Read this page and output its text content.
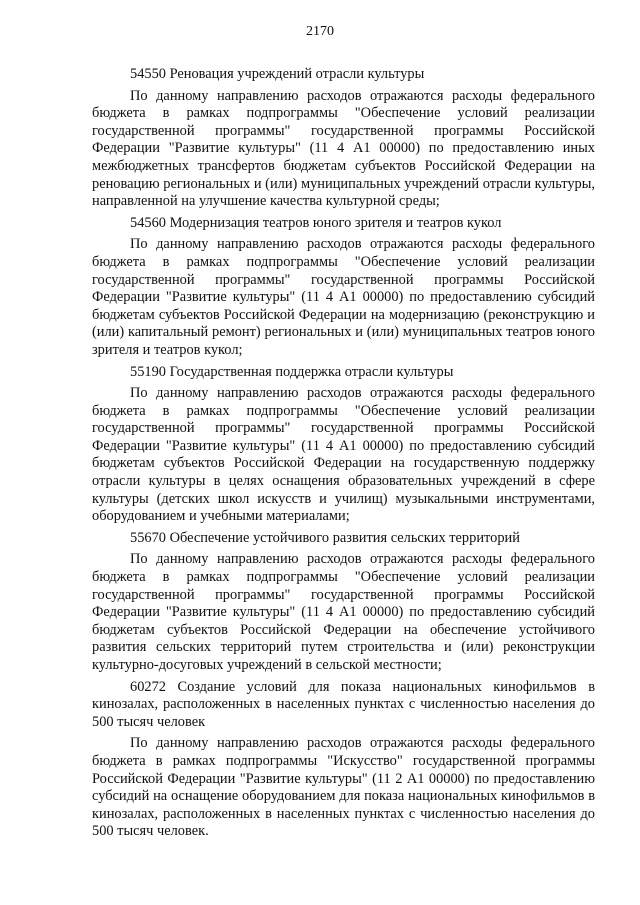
2170
54550 Реновация учреждений отрасли культуры
По данному направлению расходов отражаются расходы федерального бюджета в рамках подпрограммы "Обеспечение условий реализации государственной программы" государственной программы Российской Федерации "Развитие культуры" (11 4 А1 00000) по предоставлению иных межбюджетных трансфертов бюджетам субъектов Российской Федерации на реновацию региональных и (или) муниципальных учреждений отрасли культуры, направленной на улучшение качества культурной среды;
54560 Модернизация театров юного зрителя и театров кукол
По данному направлению расходов отражаются расходы федерального бюджета в рамках подпрограммы "Обеспечение условий реализации государственной программы" государственной программы Российской Федерации "Развитие культуры" (11 4 А1 00000) по предоставлению субсидий бюджетам субъектов Российской Федерации на модернизацию (реконструкцию и (или) капитальный ремонт) региональных и (или) муниципальных театров юного зрителя и театров кукол;
55190 Государственная поддержка отрасли культуры
По данному направлению расходов отражаются расходы федерального бюджета в рамках подпрограммы "Обеспечение условий реализации государственной программы" государственной программы Российской Федерации "Развитие культуры" (11 4 А1 00000) по предоставлению субсидий бюджетам субъектов Российской Федерации на государственную поддержку отрасли культуры в целях оснащения образовательных учреждений в сфере культуры (детских школ искусств и училищ) музыкальными инструментами, оборудованием и учебными материалами;
55670 Обеспечение устойчивого развития сельских территорий
По данному направлению расходов отражаются расходы федерального бюджета в рамках подпрограммы "Обеспечение условий реализации государственной программы" государственной программы Российской Федерации "Развитие культуры" (11 4 А1 00000) по предоставлению субсидий бюджетам субъектов Российской Федерации на обеспечение устойчивого развития сельских территорий путем строительства и (или) реконструкции культурно-досуговых учреждений в сельской местности;
60272 Создание условий для показа национальных кинофильмов в кинозалах, расположенных в населенных пунктах с численностью населения до 500 тысяч человек
По данному направлению расходов отражаются расходы федерального бюджета в рамках подпрограммы "Искусство" государственной программы Российской Федерации "Развитие культуры" (11 2 А1 00000) по предоставлению субсидий на оснащение оборудованием для показа национальных кинофильмов в кинозалах, расположенных в населенных пунктах с численностью населения до 500 тысяч человек.
